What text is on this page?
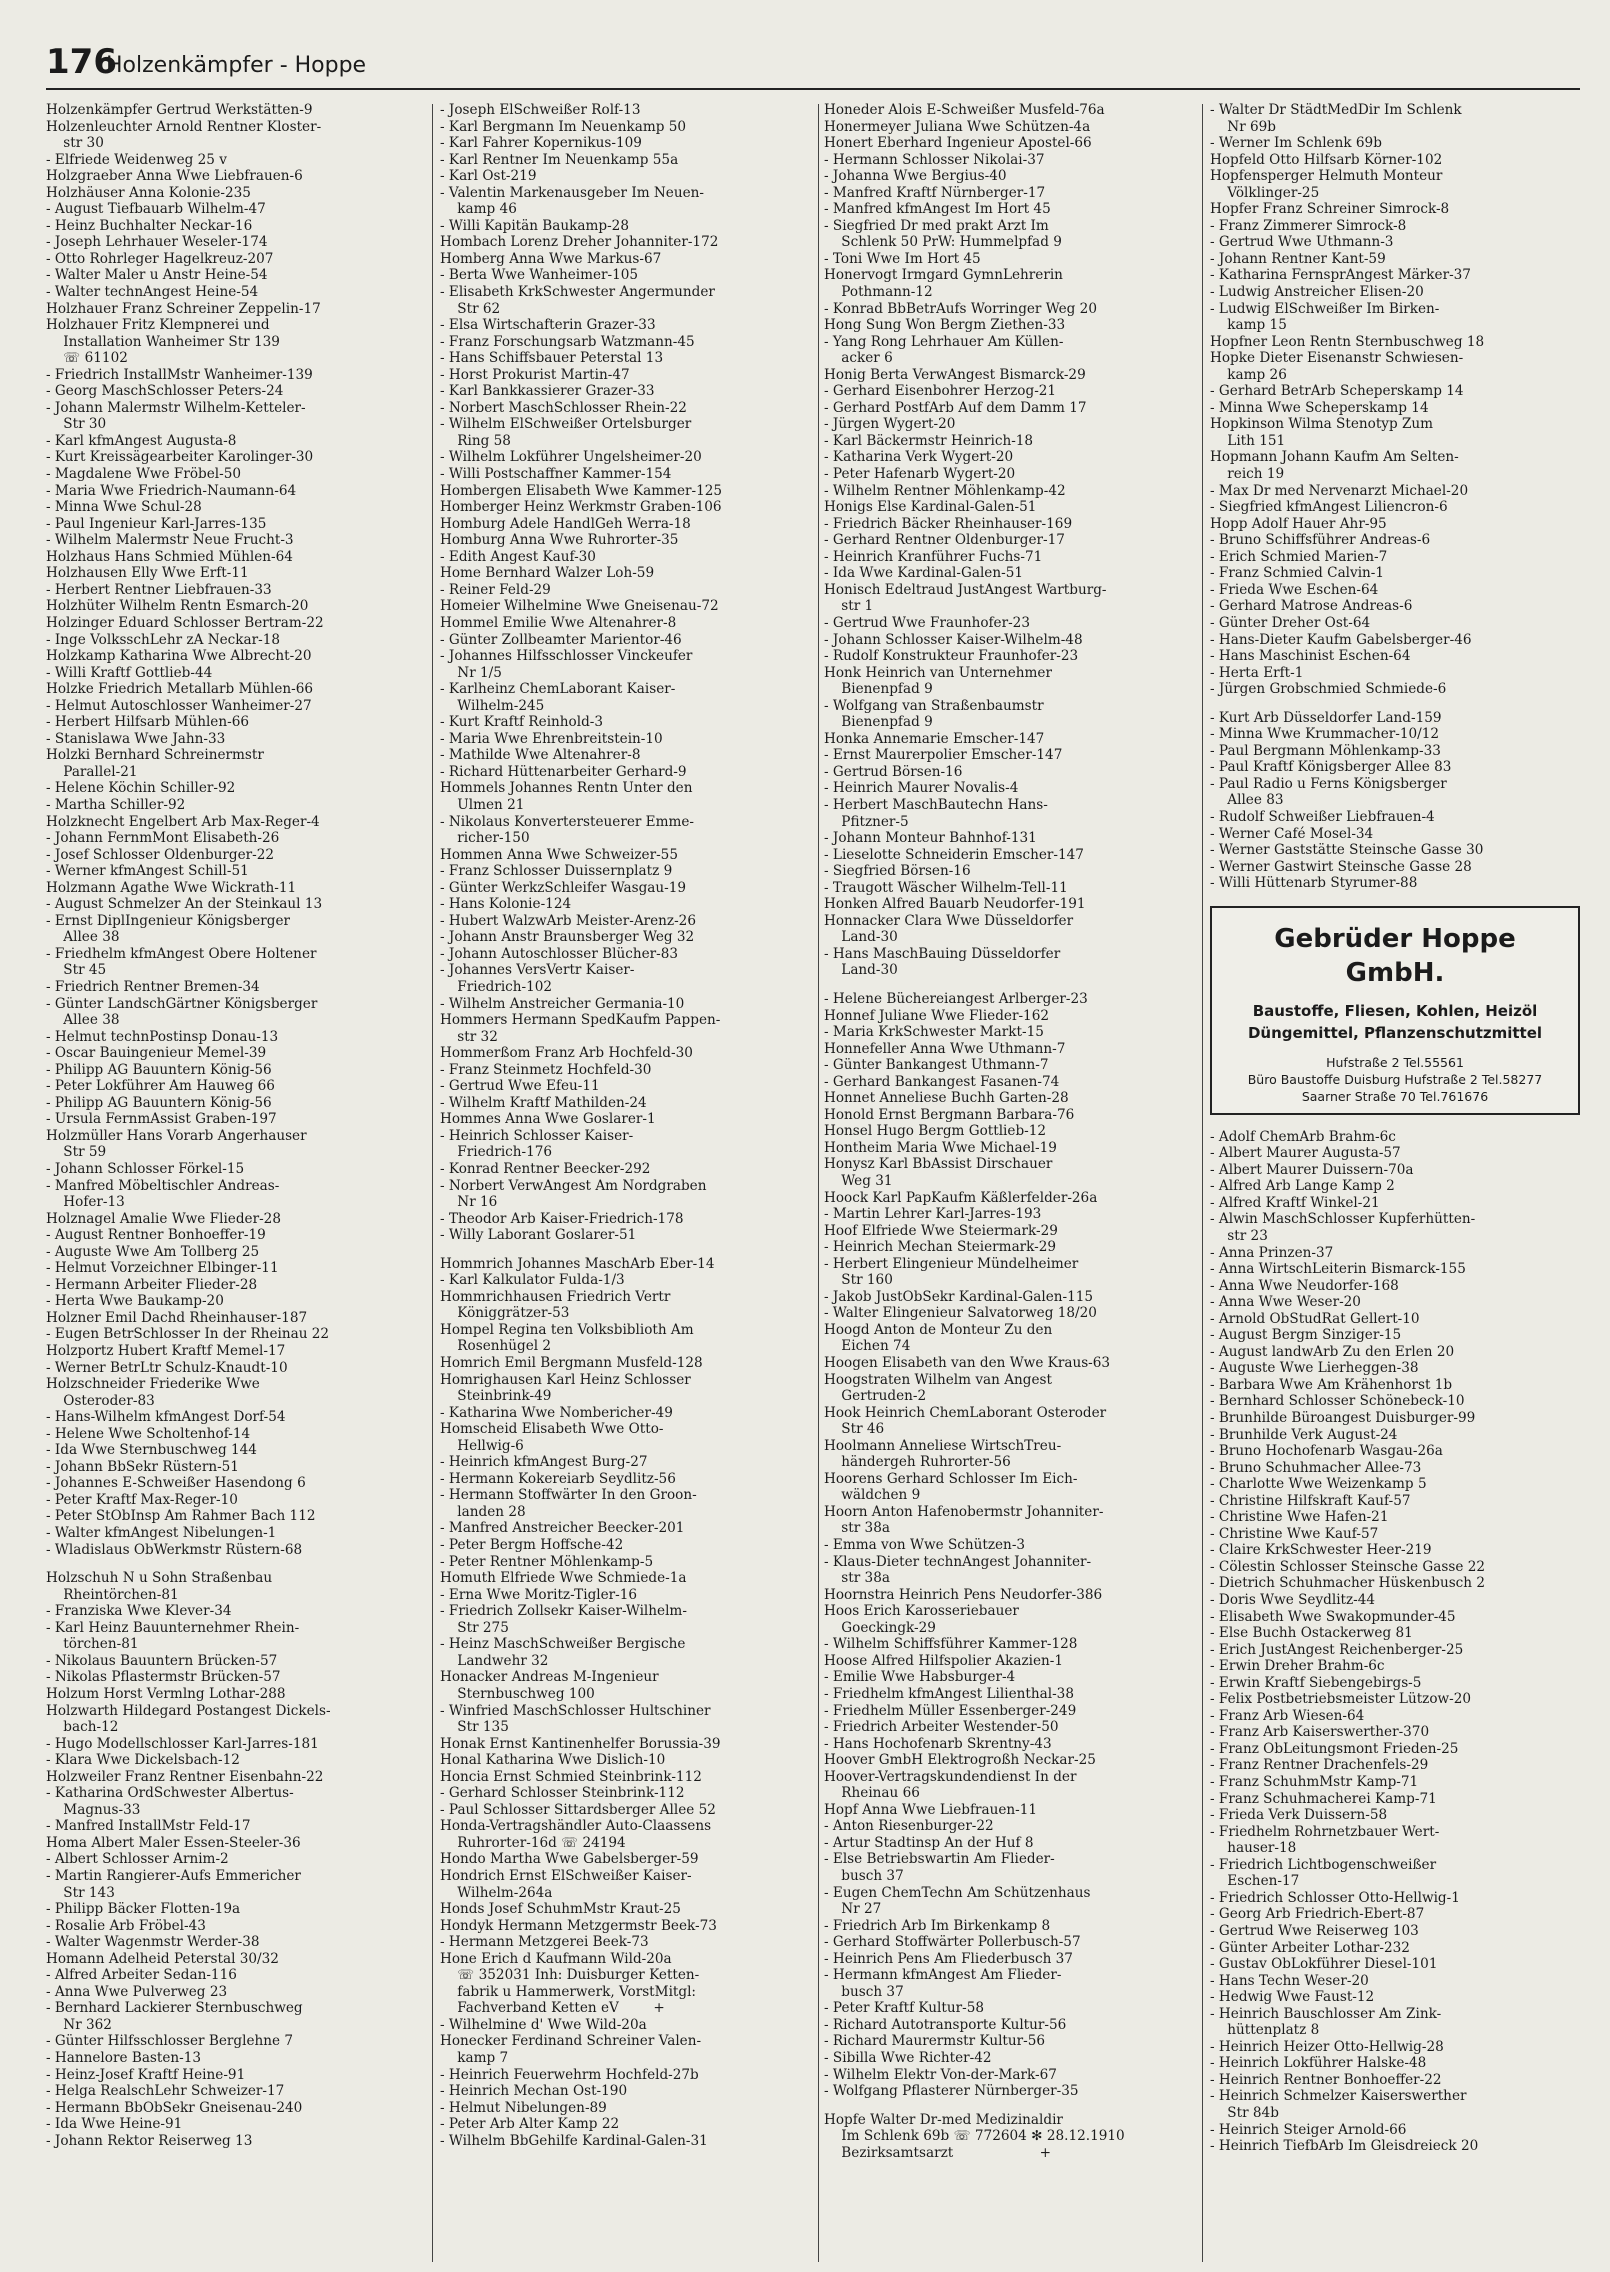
176
Holzenkämpfer - Hoppe
Holzenkämpfer Gertrud Werkstätten-9
Holzenleuchter Arnold Rentner Kloster-
str 30
- Elfriede Weidenweg 25 v
Holzgraeber Anna Wwe Liebfrauen-6
Holzhäuser Anna Kolonie-235
- August Tiefbauarb Wilhelm-47
- Heinz Buchhalter Neckar-16
- Joseph Lehrhauer Weseler-174
- Otto Rohrleger Hagelkreuz-207
- Walter Maler u Anstr Heine-54
- Walter technAngest Heine-54
Holzhauer Franz Schreiner Zeppelin-17
Holzhauer Fritz Klempnerei und
Installation Wanheimer Str 139
☏ 61102
- Friedrich InstallMstr Wanheimer-139
- Georg MaschSchlosser Peters-24
- Johann Malermstr Wilhelm-Ketteler-
Str 30
- Karl kfmAngest Augusta-8
- Kurt Kreissägearbeiter Karolinger-30
- Magdalene Wwe Fröbel-50
- Maria Wwe Friedrich-Naumann-64
- Minna Wwe Schul-28
- Paul Ingenieur Karl-Jarres-135
- Wilhelm Malermstr Neue Frucht-3
Holzhaus Hans Schmied Mühlen-64
Holzhausen Elly Wwe Erft-11
- Herbert Rentner Liebfrauen-33
Holzhüter Wilhelm Rentn Esmarch-20
Holzinger Eduard Schlosser Bertram-22
- Inge VolksschLehr zA Neckar-18
Holzkamp Katharina Wwe Albrecht-20
- Willi Kraftf Gottlieb-44
Holzke Friedrich Metallarb Mühlen-66
- Helmut Autoschlosser Wanheimer-27
- Herbert Hilfsarb Mühlen-66
- Stanislawa Wwe Jahn-33
Holzki Bernhard Schreinermstr
Parallel-21
- Helene Köchin Schiller-92
- Martha Schiller-92
Holzknecht Engelbert Arb Max-Reger-4
- Johann FernmMont Elisabeth-26
- Josef Schlosser Oldenburger-22
- Werner kfmAngest Schill-51
Holzmann Agathe Wwe Wickrath-11
- August Schmelzer An der Steinkaul 13
- Ernst DiplIngenieur Königsberger
Allee 38
- Friedhelm kfmAngest Obere Holtener
Str 45
- Friedrich Rentner Bremen-34
- Günter LandschGärtner Königsberger
Allee 38
- Helmut technPostinsp Donau-13
- Oscar Bauingenieur Memel-39
- Philipp AG Bauuntern König-56
- Peter Lokführer Am Hauweg 66
- Philipp AG Bauuntern König-56
- Ursula FernmAssist Graben-197
Holzmüller Hans Vorarb Angerhauser
Str 59
- Johann Schlosser Förkel-15
- Manfred Möbeltischler Andreas-
Hofer-13
Holznagel Amalie Wwe Flieder-28
- August Rentner Bonhoeffer-19
- Auguste Wwe Am Tollberg 25
- Helmut Vorzeichner Elbinger-11
- Hermann Arbeiter Flieder-28
- Herta Wwe Baukamp-20
Holzner Emil Dachd Rheinhauser-187
- Eugen BetrSchlosser In der Rheinau 22
Holzportz Hubert Kraftf Memel-17
- Werner BetrLtr Schulz-Knaudt-10
Holzschneider Friederike Wwe
Osteroder-83
- Hans-Wilhelm kfmAngest Dorf-54
- Helene Wwe Scholtenhof-14
- Ida Wwe Sternbuschweg 144
- Johann BbSekr Rüstern-51
- Johannes E-Schweißer Hasendong 6
- Peter Kraftf Max-Reger-10
- Peter StObInsp Am Rahmer Bach 112
- Walter kfmAngest Nibelungen-1
- Wladislaus ObWerkmstr Rüstern-68
Holzschuh N u Sohn Straßenbau
Rheintörchen-81
- Franziska Wwe Klever-34
- Karl Heinz Bauunternehmer Rhein-
törchen-81
- Nikolaus Bauuntern Brücken-57
- Nikolas Pflastermstr Brücken-57
Holzum Horst Vermlng Lothar-288
Holzwarth Hildegard Postangest Dickels-
bach-12
- Hugo Modellschlosser Karl-Jarres-181
- Klara Wwe Dickelsbach-12
Holzweiler Franz Rentner Eisenbahn-22
- Katharina OrdSchwester Albertus-
Magnus-33
- Manfred InstallMstr Feld-17
Homa Albert Maler Essen-Steeler-36
- Albert Schlosser Arnim-2
- Martin Rangierer-Aufs Emmericher
Str 143
- Philipp Bäcker Flotten-19a
- Rosalie Arb Fröbel-43
- Walter Wagenmstr Werder-38
Homann Adelheid Peterstal 30/32
- Alfred Arbeiter Sedan-116
- Anna Wwe Pulverweg 23
- Bernhard Lackierer Sternbuschweg
Nr 362
- Günter Hilfsschlosser Berglehne 7
- Hannelore Basten-13
- Heinz-Josef Kraftf Heine-91
- Helga RealschLehr Schweizer-17
- Hermann BbObSekr Gneisenau-240
- Ida Wwe Heine-91
- Johann Rektor Reiserweg 13
- Joseph ElSchweißer Rolf-13
- Karl Bergmann Im Neuenkamp 50
- Karl Fahrer Kopernikus-109
- Karl Rentner Im Neuenkamp 55a
- Karl Ost-219
- Valentin Markenausgeber Im Neuen-
kamp 46
- Willi Kapitän Baukamp-28
Hombach Lorenz Dreher Johanniter-172
Homberg Anna Wwe Markus-67
- Berta Wwe Wanheimer-105
- Elisabeth KrkSchwester Angermunder
Str 62
- Elsa Wirtschafterin Grazer-33
- Franz Forschungsarb Watzmann-45
- Hans Schiffsbauer Peterstal 13
- Horst Prokurist Martin-47
- Karl Bankkassierer Grazer-33
- Norbert MaschSchlosser Rhein-22
- Wilhelm ElSchweißer Ortelsburger
Ring 58
- Wilhelm Lokführer Ungelsheimer-20
- Willi Postschaffner Kammer-154
Hombergen Elisabeth Wwe Kammer-125
Homberger Heinz Werkmstr Graben-106
Homburg Adele HandlGeh Werra-18
Homburg Anna Wwe Ruhrorter-35
- Edith Angest Kauf-30
Home Bernhard Walzer Loh-59
- Reiner Feld-29
Homeier Wilhelmine Wwe Gneisenau-72
Hommel Emilie Wwe Altenahrer-8
- Günter Zollbeamter Marientor-46
- Johannes Hilfsschlosser Vinckeufer
Nr 1/5
- Karlheinz ChemLaborant Kaiser-
Wilhelm-245
- Kurt Kraftf Reinhold-3
- Maria Wwe Ehrenbreitstein-10
- Mathilde Wwe Altenahrer-8
- Richard Hüttenarbeiter Gerhard-9
Hommels Johannes Rentn Unter den
Ulmen 21
- Nikolaus Konvertersteuerer Emme-
richer-150
Hommen Anna Wwe Schweizer-55
- Franz Schlosser Duissernplatz 9
- Günter WerkzSchleifer Wasgau-19
- Hans Kolonie-124
- Hubert WalzwArb Meister-Arenz-26
- Johann Anstr Braunsberger Weg 32
- Johann Autoschlosser Blücher-83
- Johannes VersVertr Kaiser-
Friedrich-102
- Wilhelm Anstreicher Germania-10
Hommers Hermann SpedKaufm Pappen-
str 32
Hommerßom Franz Arb Hochfeld-30
- Franz Steinmetz Hochfeld-30
- Gertrud Wwe Efeu-11
- Wilhelm Kraftf Mathilden-24
Hommes Anna Wwe Goslarer-1
- Heinrich Schlosser Kaiser-
Friedrich-176
- Konrad Rentner Beecker-292
- Norbert VerwAngest Am Nordgraben
Nr 16
- Theodor Arb Kaiser-Friedrich-178
- Willy Laborant Goslarer-51
Hommrich Johannes MaschArb Eber-14
- Karl Kalkulator Fulda-1/3
Hommrichhausen Friedrich Vertr
Königgrätzer-53
Hompel Regina ten Volksbiblioth Am
Rosenhügel 2
Homrich Emil Bergmann Musfeld-128
Homrighausen Karl Heinz Schlosser
Steinbrink-49
- Katharina Wwe Nombericher-49
Homscheid Elisabeth Wwe Otto-
Hellwig-6
- Heinrich kfmAngest Burg-27
- Hermann Kokereiarb Seydlitz-56
- Hermann Stoffwärter In den Groon-
landen 28
- Manfred Anstreicher Beecker-201
- Peter Bergm Hoffsche-42
- Peter Rentner Möhlenkamp-5
Homuth Elfriede Wwe Schmiede-1a
- Erna Wwe Moritz-Tigler-16
- Friedrich Zollsekr Kaiser-Wilhelm-
Str 275
- Heinz MaschSchweißer Bergische
Landwehr 32
Honacker Andreas M-Ingenieur
Sternbuschweg 100
- Winfried MaschSchlosser Hultschiner
Str 135
Honak Ernst Kantinenhelfer Borussia-39
Honal Katharina Wwe Dislich-10
Honcia Ernst Schmied Steinbrink-112
- Gerhard Schlosser Steinbrink-112
- Paul Schlosser Sittardsberger Allee 52
Honda-Vertragshändler Auto-Claassens
Ruhrorter-16d ☏ 24194
Hondo Martha Wwe Gabelsberger-59
Hondrich Ernst ElSchweißer Kaiser-
Wilhelm-264a
Honds Josef SchuhmMstr Kraut-25
Hondyk Hermann Metzgermstr Beek-73
- Hermann Metzgerei Beek-73
Hone Erich d Kaufmann Wild-20a
☏ 352031 Inh: Duisburger Ketten-
fabrik u Hammerwerk, VorstMitgl:
Fachverband Ketten eV        +
- Wilhelmine d' Wwe Wild-20a
Honecker Ferdinand Schreiner Valen-
kamp 7
- Heinrich Feuerwehrm Hochfeld-27b
- Heinrich Mechan Ost-190
- Helmut Nibelungen-89
- Peter Arb Alter Kamp 22
- Wilhelm BbGehilfe Kardinal-Galen-31
Honeder Alois E-Schweißer Musfeld-76a
Honermeyer Juliana Wwe Schützen-4a
Honert Eberhard Ingenieur Apostel-66
- Hermann Schlosser Nikolai-37
- Johanna Wwe Bergius-40
- Manfred Kraftf Nürnberger-17
- Manfred kfmAngest Im Hort 45
- Siegfried Dr med prakt Arzt Im
Schlenk 50 PrW: Hummelpfad 9
- Toni Wwe Im Hort 45
Honervogt Irmgard GymnLehrerin
Pothmann-12
- Konrad BbBetrAufs Worringer Weg 20
Hong Sung Won Bergm Ziethen-33
- Yang Rong Lehrhauer Am Küllen-
acker 6
Honig Berta VerwAngest Bismarck-29
- Gerhard Eisenbohrer Herzog-21
- Gerhard PostfArb Auf dem Damm 17
- Jürgen Wygert-20
- Karl Bäckermstr Heinrich-18
- Katharina Verk Wygert-20
- Peter Hafenarb Wygert-20
- Wilhelm Rentner Möhlenkamp-42
Honigs Else Kardinal-Galen-51
- Friedrich Bäcker Rheinhauser-169
- Gerhard Rentner Oldenburger-17
- Heinrich Kranführer Fuchs-71
- Ida Wwe Kardinal-Galen-51
Honisch Edeltraud JustAngest Wartburg-
str 1
- Gertrud Wwe Fraunhofer-23
- Johann Schlosser Kaiser-Wilhelm-48
- Rudolf Konstrukteur Fraunhofer-23
Honk Heinrich van Unternehmer
Bienenpfad 9
- Wolfgang van Straßenbaumstr
Bienenpfad 9
Honka Annemarie Emscher-147
- Ernst Maurerpolier Emscher-147
- Gertrud Börsen-16
- Heinrich Maurer Novalis-4
- Herbert MaschBautechn Hans-
Pfitzner-5
- Johann Monteur Bahnhof-131
- Lieselotte Schneiderin Emscher-147
- Siegfried Börsen-16
- Traugott Wäscher Wilhelm-Tell-11
Honken Alfred Bauarb Neudorfer-191
Honnacker Clara Wwe Düsseldorfer
Land-30
- Hans MaschBauing Düsseldorfer
Land-30
- Helene Büchereiangest Arlberger-23
Honnef Juliane Wwe Flieder-162
- Maria KrkSchwester Markt-15
Honnefeller Anna Wwe Uthmann-7
- Günter Bankangest Uthmann-7
- Gerhard Bankangest Fasanen-74
Honnet Anneliese Buchh Garten-28
Honold Ernst Bergmann Barbara-76
Honsel Hugo Bergm Gottlieb-12
Hontheim Maria Wwe Michael-19
Honysz Karl BbAssist Dirschauer
Weg 31
Hoock Karl PapKaufm Käßlerfelder-26a
- Martin Lehrer Karl-Jarres-193
Hoof Elfriede Wwe Steiermark-29
- Heinrich Mechan Steiermark-29
- Herbert Elingenieur Mündelheimer
Str 160
- Jakob JustObSekr Kardinal-Galen-115
- Walter Elingenieur Salvatorweg 18/20
Hoogd Anton de Monteur Zu den
Eichen 74
Hoogen Elisabeth van den Wwe Kraus-63
Hoogstraten Wilhelm van Angest
Gertruden-2
Hook Heinrich ChemLaborant Osteroder
Str 46
Hoolmann Anneliese WirtschTreu-
händergeh Ruhrorter-56
Hoorens Gerhard Schlosser Im Eich-
wäldchen 9
Hoorn Anton Hafenobermstr Johanniter-
str 38a
- Emma von Wwe Schützen-3
- Klaus-Dieter technAngest Johanniter-
str 38a
Hoornstra Heinrich Pens Neudorfer-386
Hoos Erich Karosseriebauer
Goeckingk-29
- Wilhelm Schiffsführer Kammer-128
Hoose Alfred Hilfspolier Akazien-1
- Emilie Wwe Habsburger-4
- Friedhelm kfmAngest Lilienthal-38
- Friedhelm Müller Essenberger-249
- Friedrich Arbeiter Westender-50
- Hans Hochofenarb Skrentny-43
Hoover GmbH Elektrogroßh Neckar-25
Hoover-Vertragskundendienst In der
Rheinau 66
Hopf Anna Wwe Liebfrauen-11
- Anton Riesenburger-22
- Artur Stadtinsp An der Huf 8
- Else Betriebswartin Am Flieder-
busch 37
- Eugen ChemTechn Am Schützenhaus
Nr 27
- Friedrich Arb Im Birkenkamp 8
- Gerhard Stoffwärter Pollerbusch-57
- Heinrich Pens Am Fliederbusch 37
- Hermann kfmAngest Am Flieder-
busch 37
- Peter Kraftf Kultur-58
- Richard Autotransporte Kultur-56
- Richard Maurermstr Kultur-56
- Sibilla Wwe Richter-42
- Wilhelm Elektr Von-der-Mark-67
- Wolfgang Pflasterer Nürnberger-35
Hopfe Walter Dr-med Medizinaldir
Im Schlenk 69b ☏ 772604 ✻ 28.12.1910
Bezirksamtsarzt                    +
- Walter Dr StädtMedDir Im Schlenk
Nr 69b
- Werner Im Schlenk 69b
Hopfeld Otto Hilfsarb Körner-102
Hopfensperger Helmuth Monteur
Völklinger-25
Hopfer Franz Schreiner Simrock-8
- Franz Zimmerer Simrock-8
- Gertrud Wwe Uthmann-3
- Johann Rentner Kant-59
- Katharina FernsprAngest Märker-37
- Ludwig Anstreicher Elisen-20
- Ludwig ElSchweißer Im Birken-
kamp 15
Hopfner Leon Rentn Sternbuschweg 18
Hopke Dieter Eisenanstr Schwiesen-
kamp 26
- Gerhard BetrArb Scheperskamp 14
- Minna Wwe Scheperskamp 14
Hopkinson Wilma Stenotyp Zum
Lith 151
Hopmann Johann Kaufm Am Selten-
reich 19
- Max Dr med Nervenarzt Michael-20
- Siegfried kfmAngest Liliencron-6
Hopp Adolf Hauer Ahr-95
- Bruno Schiffsführer Andreas-6
- Erich Schmied Marien-7
- Franz Schmied Calvin-1
- Frieda Wwe Eschen-64
- Gerhard Matrose Andreas-6
- Günter Dreher Ost-64
- Hans-Dieter Kaufm Gabelsberger-46
- Hans Maschinist Eschen-64
- Herta Erft-1
- Jürgen Grobschmied Schmiede-6
- Kurt Arb Düsseldorfer Land-159
- Minna Wwe Krummacher-10/12
- Paul Bergmann Möhlenkamp-33
- Paul Kraftf Königsberger Allee 83
- Paul Radio u Ferns Königsberger
Allee 83
- Rudolf Schweißer Liebfrauen-4
- Werner Café Mosel-34
- Werner Gaststätte Steinsche Gasse 30
- Werner Gastwirt Steinsche Gasse 28
- Willi Hüttenarb Styrumer-88
Gebrüder Hoppe
GmbH.
Baustoffe, Fliesen, Kohlen, Heizöl
Düngemittel, Pflanzenschutzmittel
Hufstraße 2 Tel.55561
Büro Baustoffe Duisburg Hufstraße 2 Tel.58277
Saarner Straße 70 Tel.761676
- Adolf ChemArb Brahm-6c
- Albert Maurer Augusta-57
- Albert Maurer Duissern-70a
- Alfred Arb Lange Kamp 2
- Alfred Kraftf Winkel-21
- Alwin MaschSchlosser Kupferhütten-
str 23
- Anna Prinzen-37
- Anna WirtschLeiterin Bismarck-155
- Anna Wwe Neudorfer-168
- Anna Wwe Weser-20
- Arnold ObStudRat Gellert-10
- August Bergm Sinziger-15
- August landwArb Zu den Erlen 20
- Auguste Wwe Lierheggen-38
- Barbara Wwe Am Krähenhorst 1b
- Bernhard Schlosser Schönebeck-10
- Brunhilde Büroangest Duisburger-99
- Brunhilde Verk August-24
- Bruno Hochofenarb Wasgau-26a
- Bruno Schuhmacher Allee-73
- Charlotte Wwe Weizenkamp 5
- Christine Hilfskraft Kauf-57
- Christine Wwe Hafen-21
- Christine Wwe Kauf-57
- Claire KrkSchwester Heer-219
- Cölestin Schlosser Steinsche Gasse 22
- Dietrich Schuhmacher Hüskenbusch 2
- Doris Wwe Seydlitz-44
- Elisabeth Wwe Swakopmunder-45
- Else Buchh Ostackerweg 81
- Erich JustAngest Reichenberger-25
- Erwin Dreher Brahm-6c
- Erwin Kraftf Siebengebirgs-5
- Felix Postbetriebsmeister Lützow-20
- Franz Arb Wiesen-64
- Franz Arb Kaiserswerther-370
- Franz ObLeitungsmont Frieden-25
- Franz Rentner Drachenfels-29
- Franz SchuhmMstr Kamp-71
- Franz Schuhmacherei Kamp-71
- Frieda Verk Duissern-58
- Friedhelm Rohrnetzbauer Wert-
hauser-18
- Friedrich Lichtbogenschweißer
Eschen-17
- Friedrich Schlosser Otto-Hellwig-1
- Georg Arb Friedrich-Ebert-87
- Gertrud Wwe Reiserweg 103
- Günter Arbeiter Lothar-232
- Gustav ObLokführer Diesel-101
- Hans Techn Weser-20
- Hedwig Wwe Faust-12
- Heinrich Bauschlosser Am Zink-
hüttenplatz 8
- Heinrich Heizer Otto-Hellwig-28
- Heinrich Lokführer Halske-48
- Heinrich Rentner Bonhoeffer-22
- Heinrich Schmelzer Kaiserswerther
Str 84b
- Heinrich Steiger Arnold-66
- Heinrich TiefbArb Im Gleisdreieck 20
